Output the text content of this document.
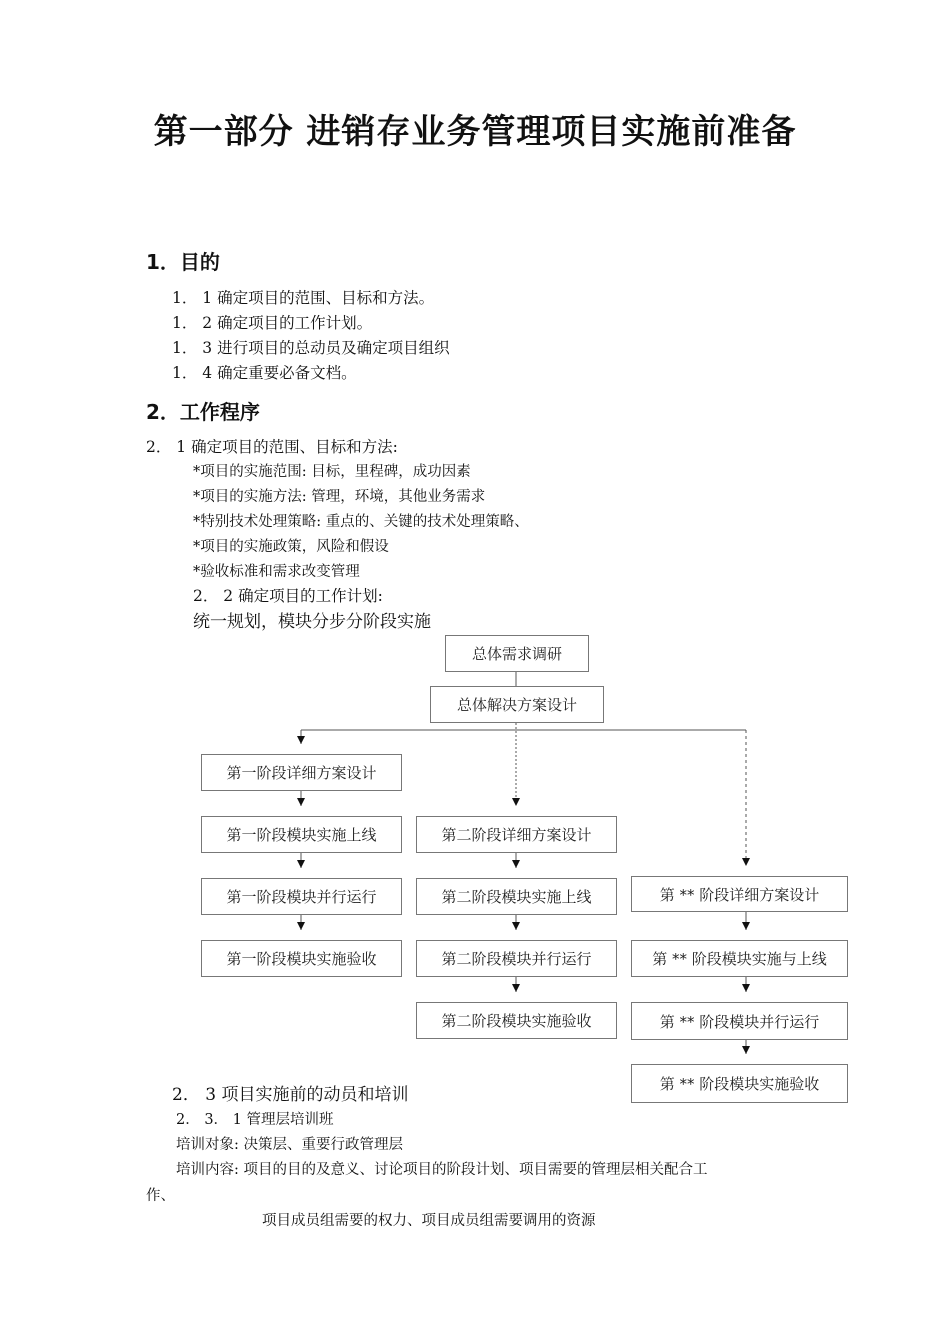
第一部分 进销存业务管理项目实施前准备
1．目的
1． 1 确定项目的范围、目标和方法。
1． 2 确定项目的工作计划。
1． 3 进行项目的总动员及确定项目组织
1． 4 确定重要必备文档。
2．工作程序
2． 1 确定项目的范围、目标和方法:
*项目的实施范围: 目标，里程碑，成功因素
*项目的实施方法: 管理，环境，其他业务需求
*特别技术处理策略: 重点的、关键的技术处理策略、
*项目的实施政策，风险和假设
*验收标准和需求改变管理
2． 2 确定项目的工作计划:
统一规划，模块分步分阶段实施
总体需求调研
总体解决方案设计
第一阶段详细方案设计
第一阶段模块实施上线
第一阶段模块并行运行
第一阶段模块实施验收
第二阶段详细方案设计
第二阶段模块实施上线
第二阶段模块并行运行
第二阶段模块实施验收
第 ** 阶段详细方案设计
第 ** 阶段模块实施与上线
第 ** 阶段模块并行运行
第 ** 阶段模块实施验收
2． 3 项目实施前的动员和培训
2． 3． 1 管理层培训班
培训对象: 决策层、重要行政管理层
培训内容: 项目的目的及意义、讨论项目的阶段计划、项目需要的管理层相关配合工
作、
项目成员组需要的权力、项目成员组需要调用的资源
